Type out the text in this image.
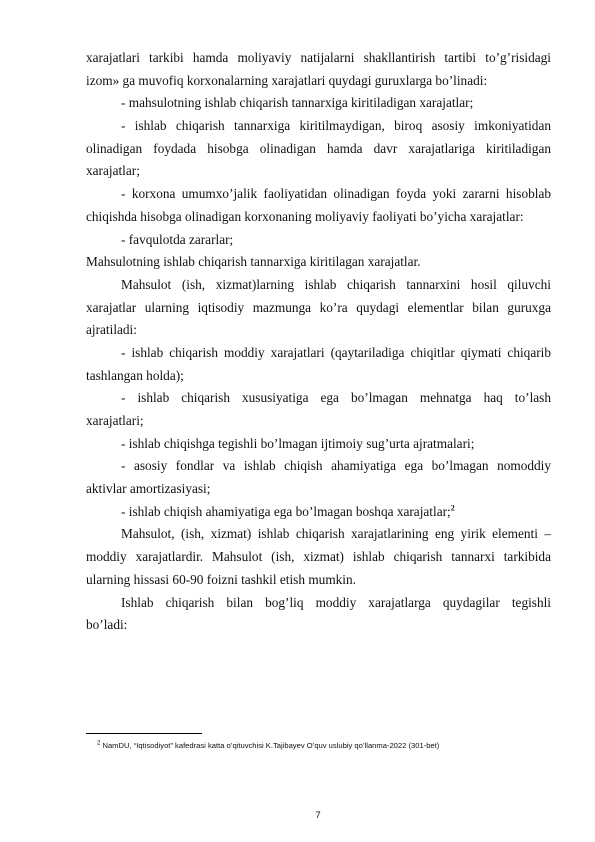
xarajatlari tarkibi hamda moliyaviy natijalarni shakllantirish tartibi to’g’risidagi
izom» ga muvofiq korxonalarning xarajatlari quydagi guruxlarga bo’linadi:
- mahsulotning ishlab chiqarish tannarxiga kiritiladigan xarajatlar;
- ishlab chiqarish tannarxiga kiritilmaydigan, biroq asosiy imkoniyatidan
olinadigan foydada hisobga olinadigan hamda davr xarajatlariga kiritiladigan
xarajatlar;
- korxona umumxo’jalik faoliyatidan olinadigan foyda yoki zararni hisoblab
chiqishda hisobga olinadigan korxonaning moliyaviy faoliyati bo’yicha xarajatlar:
- favqulotda zararlar;
Mahsulotning ishlab chiqarish tannarxiga kiritilagan xarajatlar.
Mahsulot (ish, xizmat)larning ishlab chiqarish tannarxini hosil qiluvchi
xarajatlar ularning iqtisodiy mazmunga ko’ra quydagi elementlar bilan guruxga
ajratiladi:
- ishlab chiqarish moddiy xarajatlari (qaytariladiga chiqitlar qiymati chiqarib
tashlangan holda);
- ishlab chiqarish xususiyatiga ega bo’lmagan mehnatga haq to’lash
xarajatlari;
- ishlab chiqishga tegishli bo’lmagan ijtimoiy sug’urta ajratmalari;
- asosiy fondlar va ishlab chiqish ahamiyatiga ega bo’lmagan nomoddiy
aktivlar amortizasiyasi;
- ishlab chiqish ahamiyatiga ega bo’lmagan boshqa xarajatlar;$^2$
Mahsulot, (ish, xizmat) ishlab chiqarish xarajatlarining eng yirik elementi –
moddiy xarajatlardir. Mahsulot (ish, xizmat) ishlab chiqarish tannarxi tarkibida
ularning hissasi 60-90 foizni tashkil etish mumkin.
Ishlab chiqarish bilan bog’liq moddiy xarajatlarga quydagilar tegishli
bo’ladi:
$^2$ NamDU, “Iqtisodiyot” kafedrasi katta o’qituvchisi K.Tajibayev O’quv uslubiy qo’llanma-2022 (301-bet)
7
